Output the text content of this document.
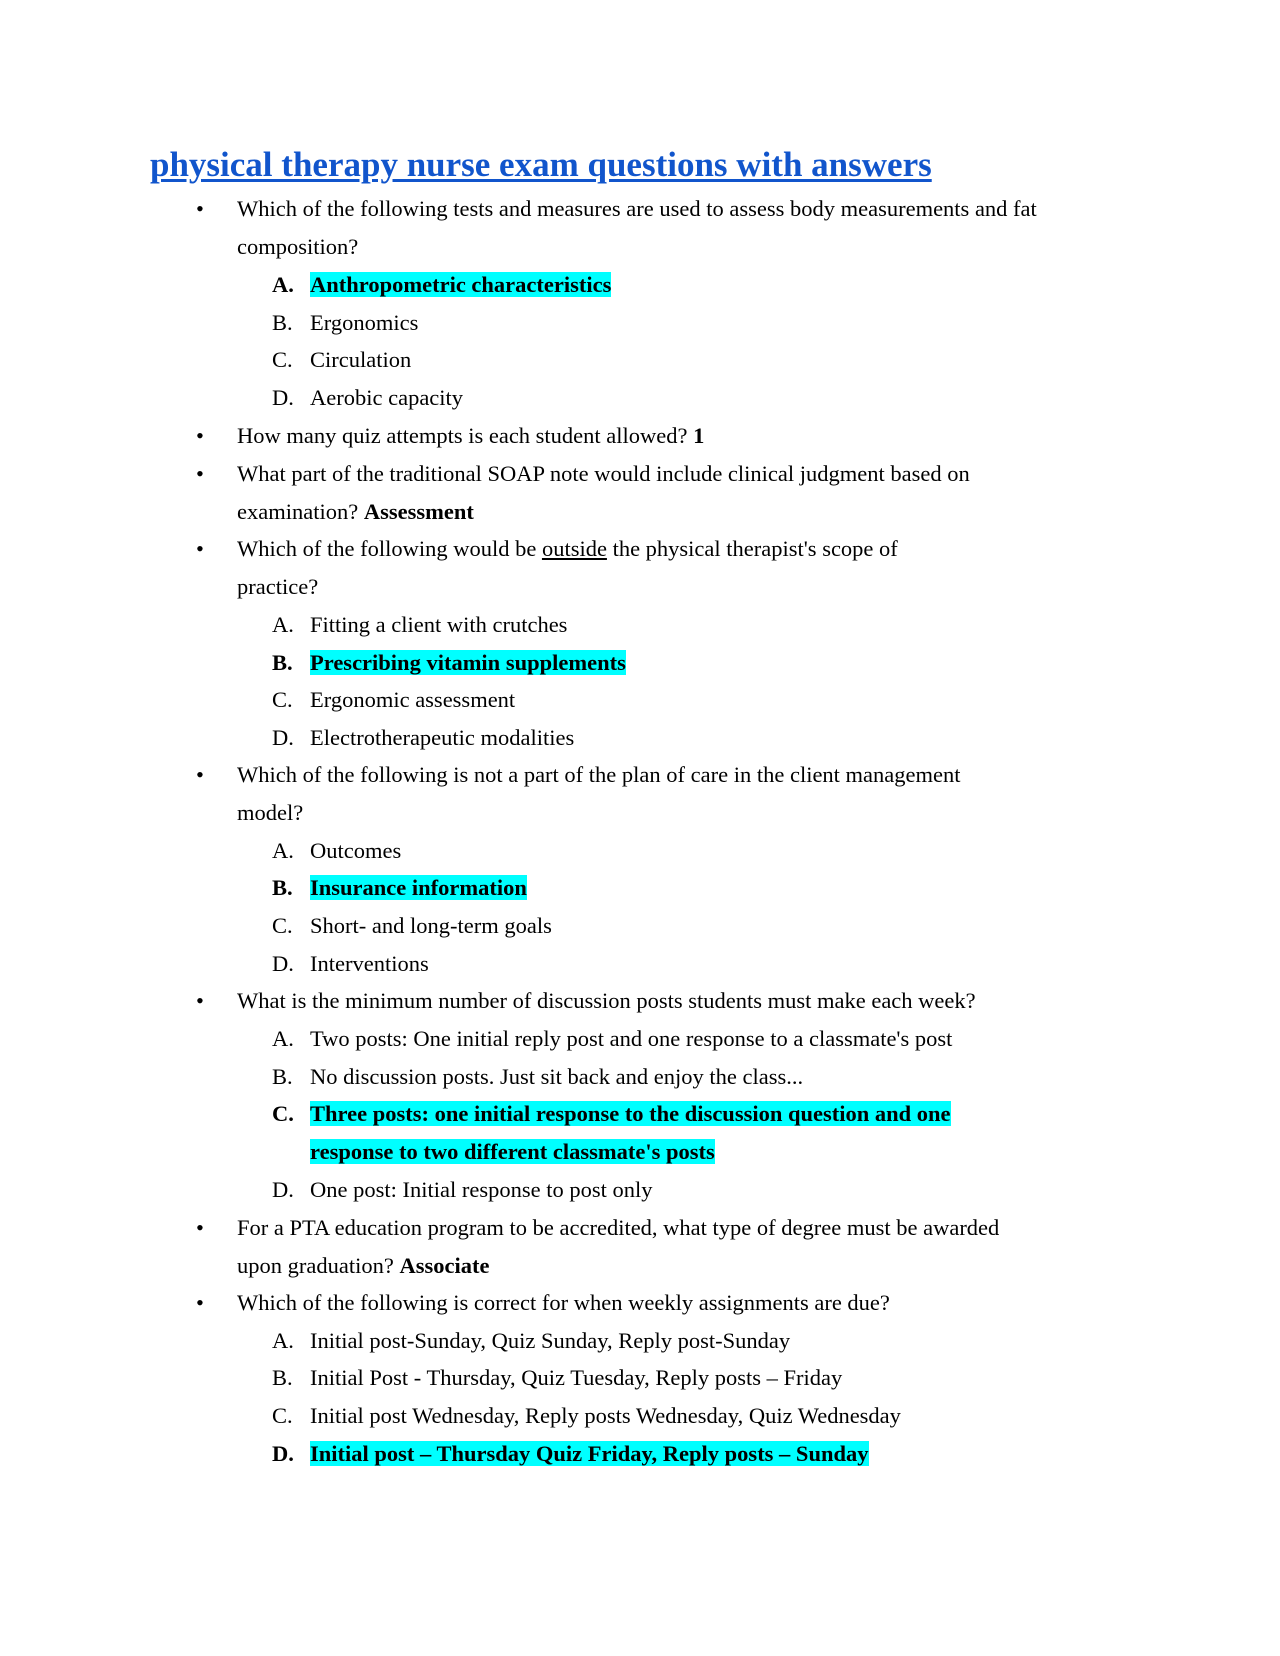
physical therapy nurse exam questions with answers
• Which of the following tests and measures are used to assess body measurements and fat composition?
A. Anthropometric characteristics
B. Ergonomics
C. Circulation
D. Aerobic capacity
• How many quiz attempts is each student allowed? 1
• What part of the traditional SOAP note would include clinical judgment based on
examination? Assessment
• Which of the following would be outside the physical therapist's scope of
practice?
A. Fitting a client with crutches
B. Prescribing vitamin supplements
C. Ergonomic assessment
D. Electrotherapeutic modalities
• Which of the following is not a part of the plan of care in the client management
model?
A. Outcomes
B. Insurance information
C. Short- and long-term goals
D. Interventions
• What is the minimum number of discussion posts students must make each week?
A. Two posts: One initial reply post and one response to a classmate's post
B. No discussion posts. Just sit back and enjoy the class...
C. Three posts: one initial response to the discussion question and one
response to two different classmate's posts
D. One post: Initial response to post only
• For a PTA education program to be accredited, what type of degree must be awarded
upon graduation? Associate
• Which of the following is correct for when weekly assignments are due?
A. Initial post-Sunday, Quiz Sunday, Reply post-Sunday
B. Initial Post - Thursday, Quiz Tuesday, Reply posts – Friday
C. Initial post Wednesday, Reply posts Wednesday, Quiz Wednesday
D. Initial post – Thursday Quiz Friday, Reply posts – Sunday
